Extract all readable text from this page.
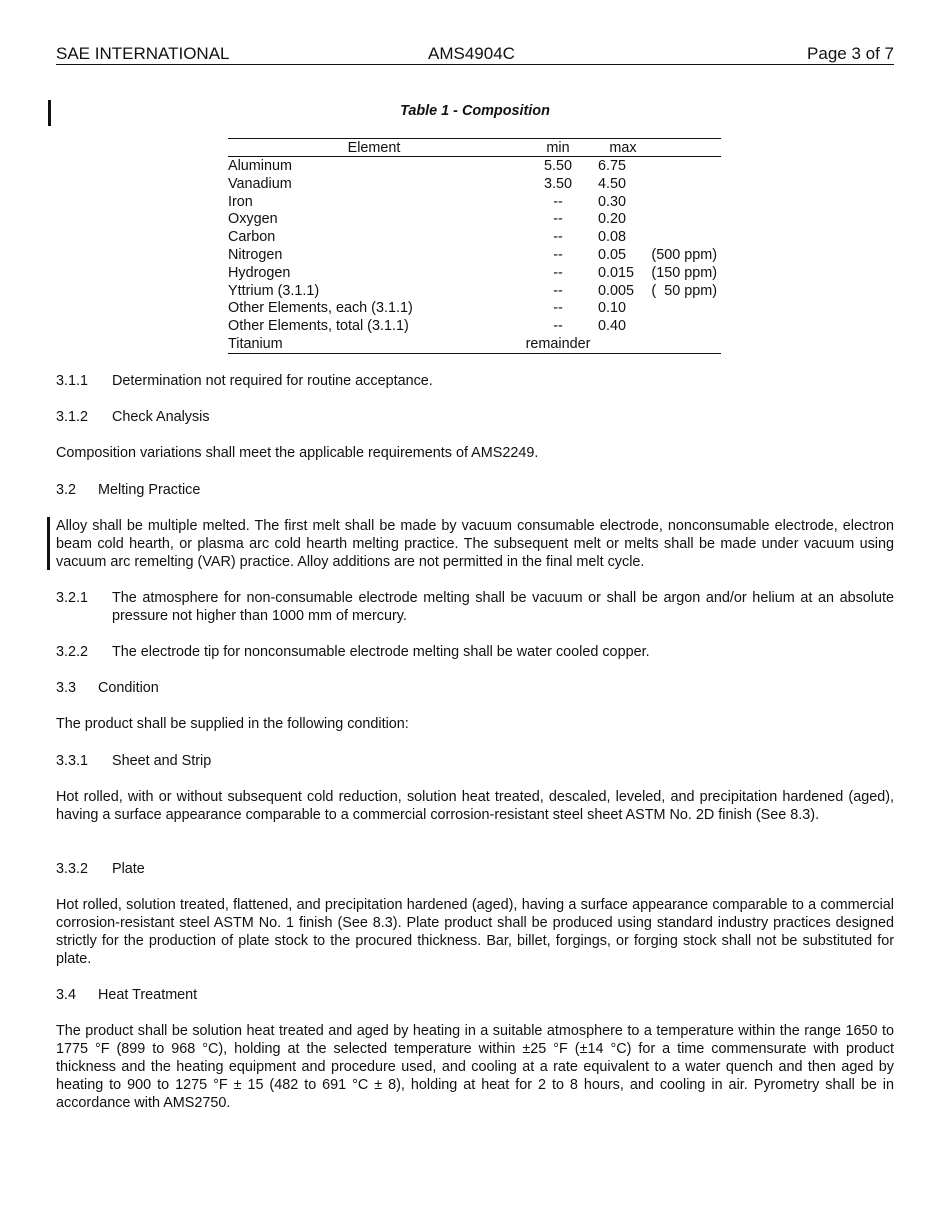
SAE INTERNATIONAL	AMS4904C	Page 3 of 7
Table 1 - Composition
Element	min	max
Aluminum	5.50	6.75
Vanadium	3.50	4.50
Iron	--	0.30
Oxygen	--	0.20
Carbon	--	0.08
Nitrogen	--	0.05 (500 ppm)
Hydrogen	--	0.015 (150 ppm)
Yttrium (3.1.1)	--	0.005 (  50 ppm)
Other Elements, each (3.1.1)	--	0.10
Other Elements, total (3.1.1)	--	0.40
Titanium	remainder
3.1.1 Determination not required for routine acceptance.
3.1.2 Check Analysis
Composition variations shall meet the applicable requirements of AMS2249.
3.2 Melting Practice
Alloy shall be multiple melted. The first melt shall be made by vacuum consumable electrode, nonconsumable electrode, electron beam cold hearth, or plasma arc cold hearth melting practice. The subsequent melt or melts shall be made under vacuum using vacuum arc remelting (VAR) practice. Alloy additions are not permitted in the final melt cycle.
3.2.1 The atmosphere for non-consumable electrode melting shall be vacuum or shall be argon and/or helium at an absolute pressure not higher than 1000 mm of mercury.
3.2.2 The electrode tip for nonconsumable electrode melting shall be water cooled copper.
3.3 Condition
The product shall be supplied in the following condition:
3.3.1 Sheet and Strip
Hot rolled, with or without subsequent cold reduction, solution heat treated, descaled, leveled, and precipitation hardened (aged), having a surface appearance comparable to a commercial corrosion-resistant steel sheet ASTM No. 2D finish (See 8.3).
3.3.2 Plate
Hot rolled, solution treated, flattened, and precipitation hardened (aged), having a surface appearance comparable to a commercial corrosion-resistant steel ASTM No. 1 finish (See 8.3). Plate product shall be produced using standard industry practices designed strictly for the production of plate stock to the procured thickness. Bar, billet, forgings, or forging stock shall not be substituted for plate.
3.4 Heat Treatment
The product shall be solution heat treated and aged by heating in a suitable atmosphere to a temperature within the range 1650 to 1775 °F (899 to 968 °C), holding at the selected temperature within ±25 °F (±14 °C) for a time commensurate with product thickness and the heating equipment and procedure used, and cooling at a rate equivalent to a water quench and then aged by heating to 900 to 1275 °F ± 15 (482 to 691 °C ± 8), holding at heat for 2 to 8 hours, and cooling in air. Pyrometry shall be in accordance with AMS2750.
